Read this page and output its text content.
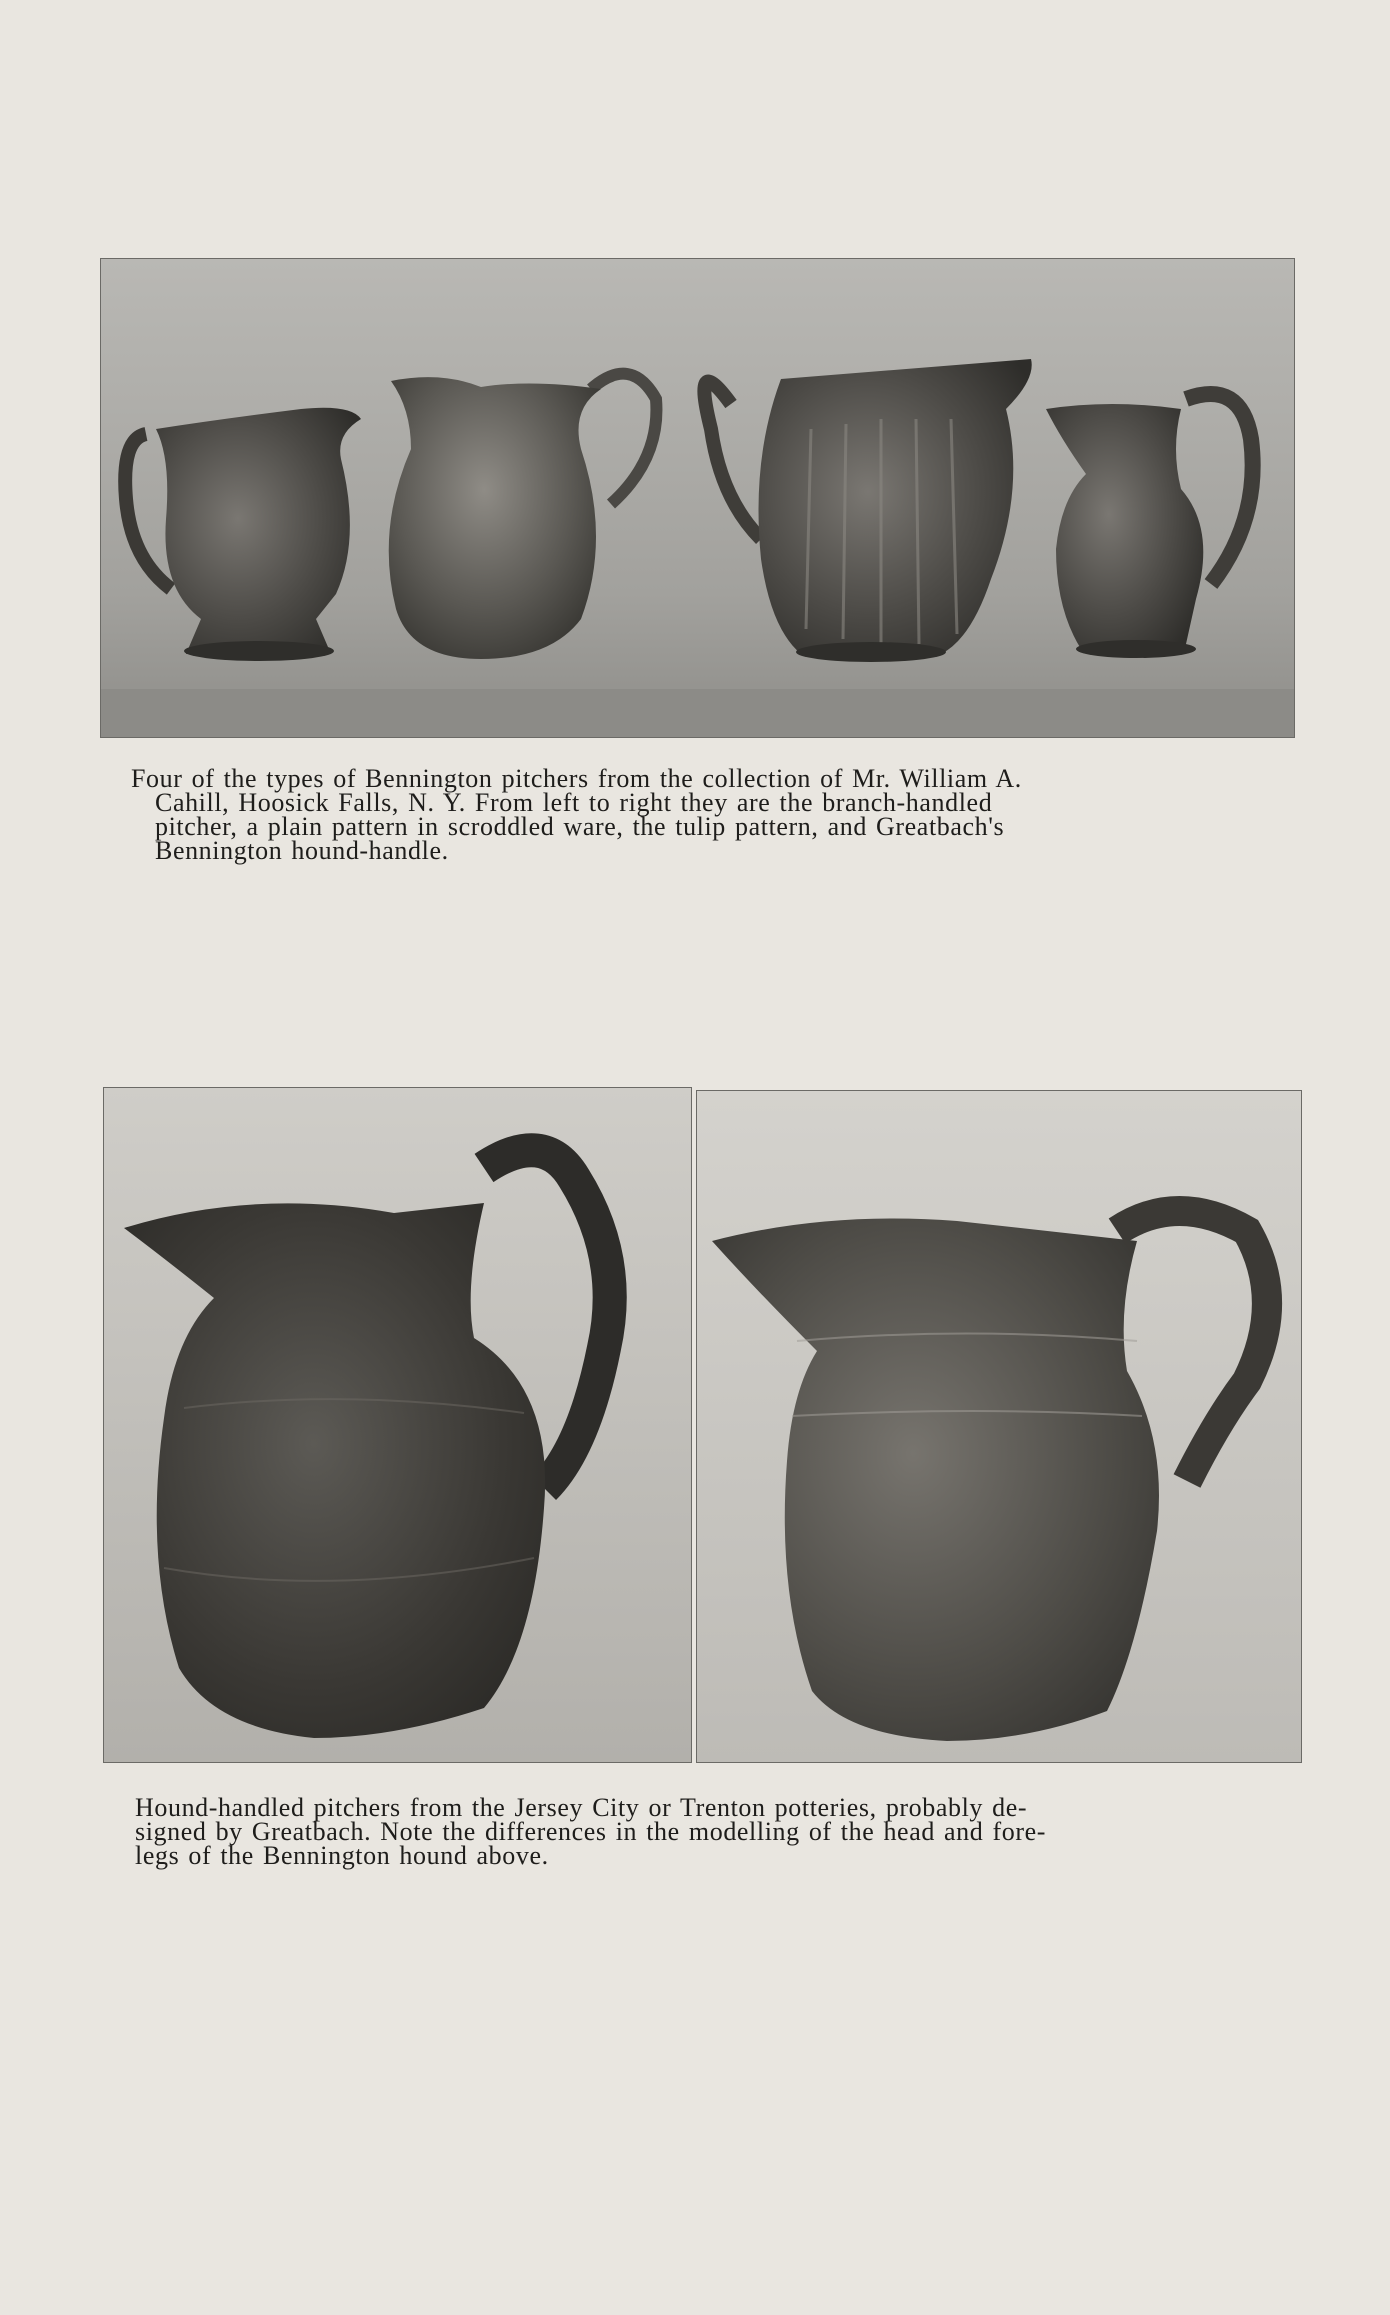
Four of the types of Bennington pitchers from the collection of Mr. William A.
Cahill, Hoosick Falls, N. Y. From left to right they are the branch-handled
pitcher, a plain pattern in scroddled ware, the tulip pattern, and Greatbach's
Bennington hound-handle.

Hound-handled pitchers from the Jersey City or Trenton potteries, probably de-
signed by Greatbach. Note the differences in the modelling of the head and fore-
legs of the Bennington hound above.
